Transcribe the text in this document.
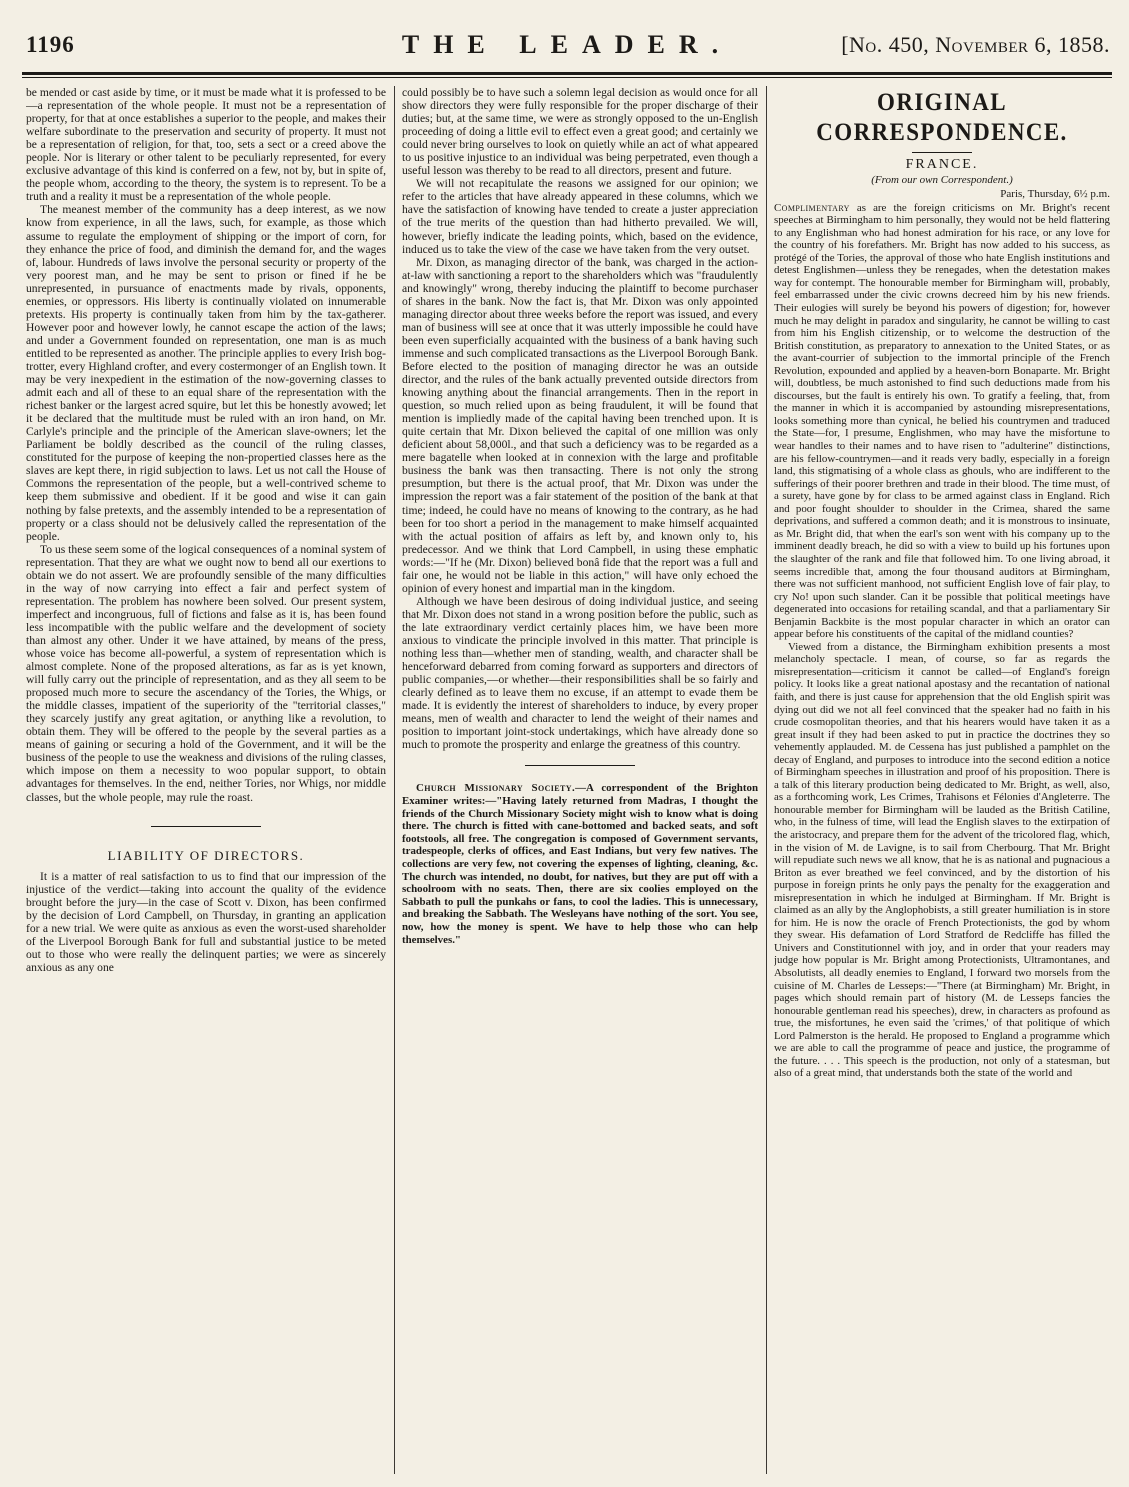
1196	THE LEADER.	[No. 450, November 6, 1858.

be mended or cast aside by time, or it must be made what it is professed to be—a representation of the whole people. It must not be a representation of property, for that at once establishes a superior to the people, and makes their welfare subordinate to the preservation and security of property. It must not be a representation of religion, for that, too, sets a sect or a creed above the people. Nor is literary or other talent to be peculiarly represented, for every exclusive advantage of this kind is conferred on a few, not by, but in spite of, the people whom, according to the theory, the system is to represent. To be a truth and a reality it must be a representation of the whole people.

The meanest member of the community has a deep interest, as we now know from experience, in all the laws, such, for example, as those which assume to regulate the employment of shipping or the import of corn, for they enhance the price of food, and diminish the demand for, and the wages of, labour. Hundreds of laws involve the personal security or property of the very poorest man, and he may be sent to prison or fined if he be unrepresented, in pursuance of enactments made by rivals, opponents, enemies, or oppressors. His liberty is continually violated on innumerable pretexts. His property is continually taken from him by the tax-gatherer. However poor and however lowly, he cannot escape the action of the laws; and under a Government founded on representation, one man is as much entitled to be represented as another. The principle applies to every Irish bog-trotter, every Highland crofter, and every costermonger of an English town. It may be very inexpedient in the estimation of the now-governing classes to admit each and all of these to an equal share of the representation with the richest banker or the largest acred squire, but let this be honestly avowed; let it be declared that the multitude must be ruled with an iron hand, on Mr. Carlyle's principle and the principle of the American slave-owners; let the Parliament be boldly described as the council of the ruling classes, constituted for the purpose of keeping the non-propertied classes here as the slaves are kept there, in rigid subjection to laws. Let us not call the House of Commons the representation of the people, but a well-contrived scheme to keep them submissive and obedient. If it be good and wise it can gain nothing by false pretexts, and the assembly intended to be a representation of property or a class should not be delusively called the representation of the people.

To us these seem some of the logical consequences of a nominal system of representation. That they are what we ought now to bend all our exertions to obtain we do not assert. We are profoundly sensible of the many difficulties in the way of now carrying into effect a fair and perfect system of representation. The problem has nowhere been solved. Our present system, imperfect and incongruous, full of fictions and false as it is, has been found less incompatible with the public welfare and the development of society than almost any other. Under it we have attained, by means of the press, whose voice has become all-powerful, a system of representation which is almost complete. None of the proposed alterations, as far as is yet known, will fully carry out the principle of representation, and as they all seem to be proposed much more to secure the ascendancy of the Tories, the Whigs, or the middle classes, impatient of the superiority of the "territorial classes," they scarcely justify any great agitation, or anything like a revolution, to obtain them. They will be offered to the people by the several parties as a means of gaining or securing a hold of the Government, and it will be the business of the people to use the weakness and divisions of the ruling classes, which impose on them a necessity to woo popular support, to obtain advantages for themselves. In the end, neither Tories, nor Whigs, nor middle classes, but the whole people, may rule the roast.

LIABILITY OF DIRECTORS.

It is a matter of real satisfaction to us to find that our impression of the injustice of the verdict—taking into account the quality of the evidence brought before the jury—in the case of Scott v. Dixon, has been confirmed by the decision of Lord Campbell, on Thursday, in granting an application for a new trial. We were quite as anxious as even the worst-used shareholder of the Liverpool Borough Bank for full and substantial justice to be meted out to those who were really the delinquent parties; we were as sincerely anxious as any one

could possibly be to have such a solemn legal decision as would once for all show directors they were fully responsible for the proper discharge of their duties; but, at the same time, we were as strongly opposed to the un-English proceeding of doing a little evil to effect even a great good; and certainly we could never bring ourselves to look on quietly while an act of what appeared to us positive injustice to an individual was being perpetrated, even though a useful lesson was thereby to be read to all directors, present and future.

We will not recapitulate the reasons we assigned for our opinion; we refer to the articles that have already appeared in these columns, which we have the satisfaction of knowing have tended to create a juster appreciation of the true merits of the question than had hitherto prevailed. We will, however, briefly indicate the leading points, which, based on the evidence, induced us to take the view of the case we have taken from the very outset.

Mr. Dixon, as managing director of the bank, was charged in the action-at-law with sanctioning a report to the shareholders which was "fraudulently and knowingly" wrong, thereby inducing the plaintiff to become purchaser of shares in the bank. Now the fact is, that Mr. Dixon was only appointed managing director about three weeks before the report was issued, and every man of business will see at once that it was utterly impossible he could have been even superficially acquainted with the business of a bank having such immense and such complicated transactions as the Liverpool Borough Bank. Before elected to the position of managing director he was an outside director, and the rules of the bank actually prevented outside directors from knowing anything about the financial arrangements. Then in the report in question, so much relied upon as being fraudulent, it will be found that mention is impliedly made of the capital having been trenched upon. It is quite certain that Mr. Dixon believed the capital of one million was only deficient about 58,000l., and that such a deficiency was to be regarded as a mere bagatelle when looked at in connexion with the large and profitable business the bank was then transacting. There is not only the strong presumption, but there is the actual proof, that Mr. Dixon was under the impression the report was a fair statement of the position of the bank at that time; indeed, he could have no means of knowing to the contrary, as he had been for too short a period in the management to make himself acquainted with the actual position of affairs as left by, and known only to, his predecessor. And we think that Lord Campbell, in using these emphatic words:—"If he (Mr. Dixon) believed bonâ fide that the report was a full and fair one, he would not be liable in this action," will have only echoed the opinion of every honest and impartial man in the kingdom.

Although we have been desirous of doing individual justice, and seeing that Mr. Dixon does not stand in a wrong position before the public, such as the late extraordinary verdict certainly places him, we have been more anxious to vindicate the principle involved in this matter. That principle is nothing less than—whether men of standing, wealth, and character shall be henceforward debarred from coming forward as supporters and directors of public companies,—or whether—their responsibilities shall be so fairly and clearly defined as to leave them no excuse, if an attempt to evade them be made. It is evidently the interest of shareholders to induce, by every proper means, men of wealth and character to lend the weight of their names and position to important joint-stock undertakings, which have already done so much to promote the prosperity and enlarge the greatness of this country.

Church Missionary Society.—A correspondent of the Brighton Examiner writes:—"Having lately returned from Madras, I thought the friends of the Church Missionary Society might wish to know what is doing there. The church is fitted with cane-bottomed and backed seats, and soft footstools, all free. The congregation is composed of Government servants, tradespeople, clerks of offices, and East Indians, but very few natives. The collections are very few, not covering the expenses of lighting, cleaning, &c. The church was intended, no doubt, for natives, but they are put off with a schoolroom with no seats. Then, there are six coolies employed on the Sabbath to pull the punkahs or fans, to cool the ladies. This is unnecessary, and breaking the Sabbath. The Wesleyans have nothing of the sort. You see, now, how the money is spent. We have to help those who can help themselves."

ORIGINAL CORRESPONDENCE.
FRANCE.
(From our own Correspondent.)
Paris, Thursday, 6½ p.m.

Complimentary as are the foreign criticisms on Mr. Bright's recent speeches at Birmingham to him personally, they would not be held flattering to any Englishman who had honest admiration for his race, or any love for the country of his forefathers. Mr. Bright has now added to his success, as protégé of the Tories, the approval of those who hate English institutions and detest Englishmen—unless they be renegades, when the detestation makes way for contempt. The honourable member for Birmingham will, probably, feel embarrassed under the civic crowns decreed him by his new friends. Their eulogies will surely be beyond his powers of digestion; for, however much he may delight in paradox and singularity, he cannot be willing to cast from him his English citizenship, or to welcome the destruction of the British constitution, as preparatory to annexation to the United States, or as the avant-courrier of subjection to the immortal principle of the French Revolution, expounded and applied by a heaven-born Bonaparte. Mr. Bright will, doubtless, be much astonished to find such deductions made from his discourses, but the fault is entirely his own. To gratify a feeling, that, from the manner in which it is accompanied by astounding misrepresentations, looks something more than cynical, he belied his countrymen and traduced the State—for, I presume, Englishmen, who may have the misfortune to wear handles to their names and to have risen to "adulterine" distinctions, are his fellow-countrymen—and it reads very badly, especially in a foreign land, this stigmatising of a whole class as ghouls, who are indifferent to the sufferings of their poorer brethren and trade in their blood. The time must, of a surety, have gone by for class to be armed against class in England. Rich and poor fought shoulder to shoulder in the Crimea, shared the same deprivations, and suffered a common death; and it is monstrous to insinuate, as Mr. Bright did, that when the earl's son went with his company up to the imminent deadly breach, he did so with a view to build up his fortunes upon the slaughter of the rank and file that followed him. To one living abroad, it seems incredible that, among the four thousand auditors at Birmingham, there was not sufficient manhood, not sufficient English love of fair play, to cry No! upon such slander. Can it be possible that political meetings have degenerated into occasions for retailing scandal, and that a parliamentary Sir Benjamin Backbite is the most popular character in which an orator can appear before his constituents of the capital of the midland counties?

Viewed from a distance, the Birmingham exhibition presents a most melancholy spectacle. I mean, of course, so far as regards the misrepresentation—criticism it cannot be called—of England's foreign policy. It looks like a great national apostasy and the recantation of national faith, and there is just cause for apprehension that the old English spirit was dying out did we not all feel convinced that the speaker had no faith in his crude cosmopolitan theories, and that his hearers would have taken it as a great insult if they had been asked to put in practice the doctrines they so vehemently applauded. M. de Cessena has just published a pamphlet on the decay of England, and purposes to introduce into the second edition a notice of Birmingham speeches in illustration and proof of his proposition. There is a talk of this literary production being dedicated to Mr. Bright, as well, also, as a forthcoming work, Les Crimes, Trahisons et Félonies d'Angleterre. The honourable member for Birmingham will be lauded as the British Catiline, who, in the fulness of time, will lead the English slaves to the extirpation of the aristocracy, and prepare them for the advent of the tricolored flag, which, in the vision of M. de Lavigne, is to sail from Cherbourg. That Mr. Bright will repudiate such news we all know, that he is as national and pugnacious a Briton as ever breathed we feel convinced, and by the distortion of his purpose in foreign prints he only pays the penalty for the exaggeration and misrepresentation in which he indulged at Birmingham. If Mr. Bright is claimed as an ally by the Anglophobists, a still greater humiliation is in store for him. He is now the oracle of French Protectionists, the god by whom they swear. His defamation of Lord Stratford de Redcliffe has filled the Univers and Constitutionnel with joy, and in order that your readers may judge how popular is Mr. Bright among Protectionists, Ultramontanes, and Absolutists, all deadly enemies to England, I forward two morsels from the cuisine of M. Charles de Lesseps:—"There (at Birmingham) Mr. Bright, in pages which should remain part of history (M. de Lesseps fancies the honourable gentleman read his speeches), drew, in characters as profound as true, the misfortunes, he even said the 'crimes,' of that politique of which Lord Palmerston is the herald. He proposed to England a programme which we are able to call the programme of peace and justice, the programme of the future. . . . This speech is the production, not only of a statesman, but also of a great mind, that understands both the state of the world and
